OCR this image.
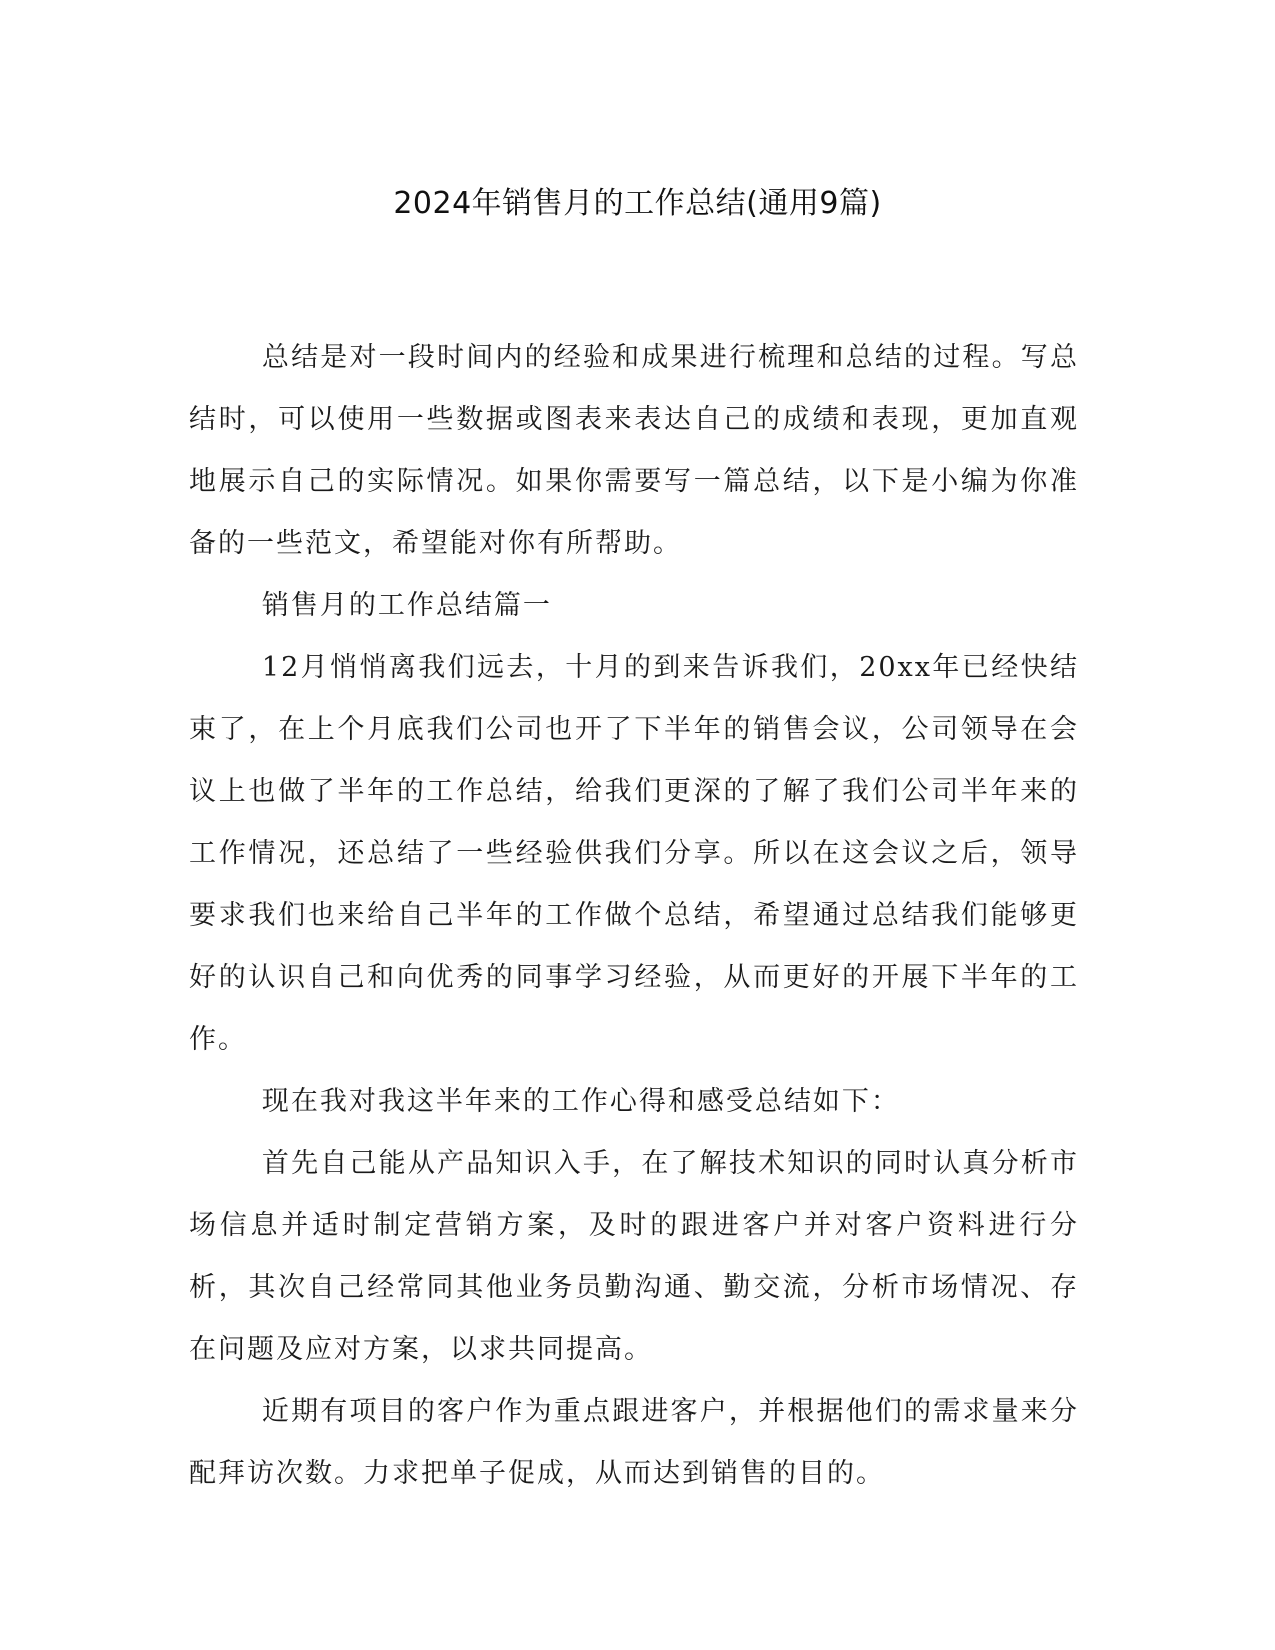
2024年销售月的工作总结(通用9篇)

总结是对一段时间内的经验和成果进行梳理和总结的过程。写总结时，可以使用一些数据或图表来表达自己的成绩和表现，更加直观地展示自己的实际情况。如果你需要写一篇总结，以下是小编为你准备的一些范文，希望能对你有所帮助。

销售月的工作总结篇一

12月悄悄离我们远去，十月的到来告诉我们，20xx年已经快结束了，在上个月底我们公司也开了下半年的销售会议，公司领导在会议上也做了半年的工作总结，给我们更深的了解了我们公司半年来的工作情况，还总结了一些经验供我们分享。所以在这会议之后，领导要求我们也来给自己半年的工作做个总结，希望通过总结我们能够更好的认识自己和向优秀的同事学习经验，从而更好的开展下半年的工作。

现在我对我这半年来的工作心得和感受总结如下：

首先自己能从产品知识入手，在了解技术知识的同时认真分析市场信息并适时制定营销方案，及时的跟进客户并对客户资料进行分析，其次自己经常同其他业务员勤沟通、勤交流，分析市场情况、存在问题及应对方案，以求共同提高。

近期有项目的客户作为重点跟进客户，并根据他们的需求量来分配拜访次数。力求把单子促成，从而达到销售的目的。
